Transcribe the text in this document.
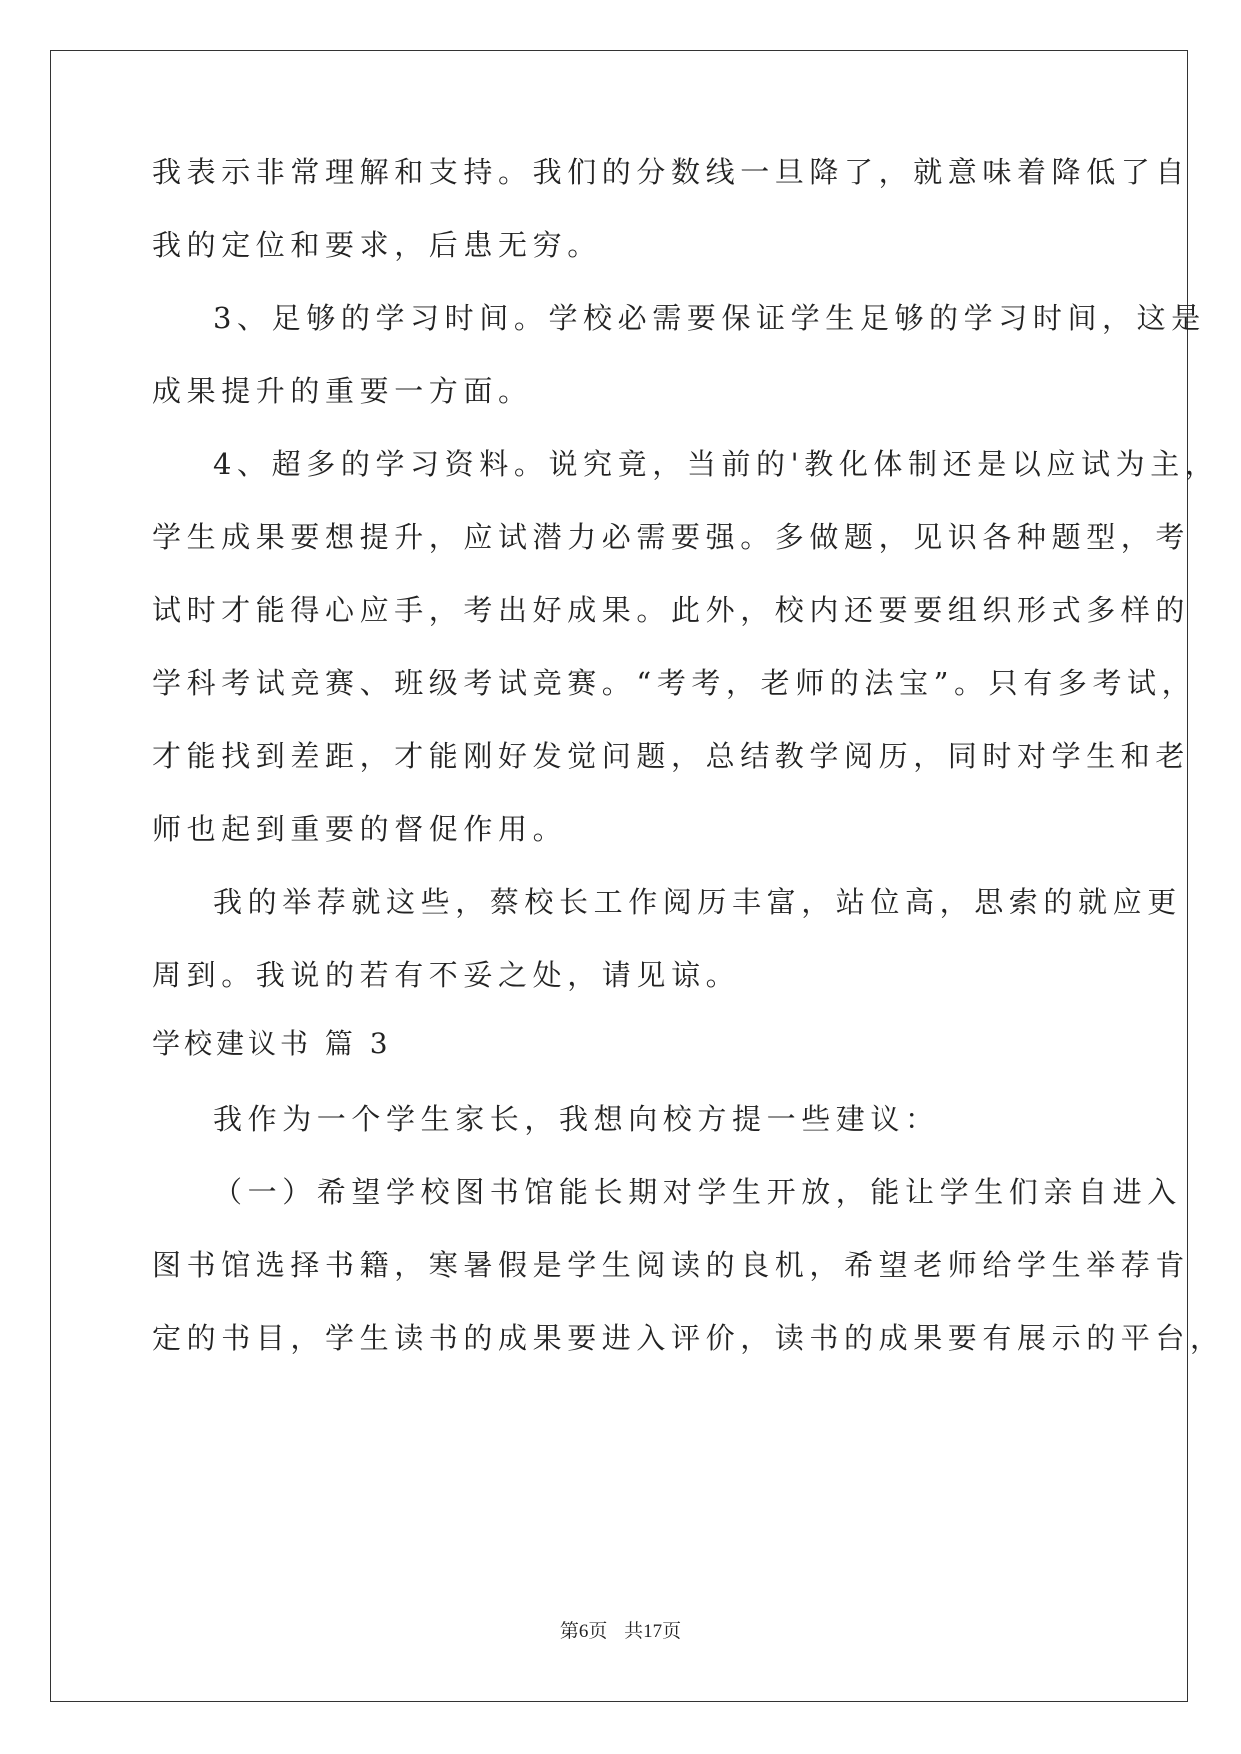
我表示非常理解和支持。我们的分数线一旦降了，就意味着降低了自
我的定位和要求，后患无穷。
3、足够的学习时间。学校必需要保证学生足够的学习时间，这是
成果提升的重要一方面。
4、超多的学习资料。说究竟，当前的'教化体制还是以应试为主，
学生成果要想提升，应试潜力必需要强。多做题，见识各种题型，考
试时才能得心应手，考出好成果。此外，校内还要要组织形式多样的
学科考试竞赛、班级考试竞赛。“考考，老师的法宝”。只有多考试，
才能找到差距，才能刚好发觉问题，总结教学阅历，同时对学生和老
师也起到重要的督促作用。
我的举荐就这些，蔡校长工作阅历丰富，站位高，思索的就应更
周到。我说的若有不妥之处，请见谅。
学校建议书 篇 3
我作为一个学生家长，我想向校方提一些建议：
（一）希望学校图书馆能长期对学生开放，能让学生们亲自进入
图书馆选择书籍，寒暑假是学生阅读的良机，希望老师给学生举荐肯
定的书目，学生读书的成果要进入评价，读书的成果要有展示的平台，
第6页 共17页
